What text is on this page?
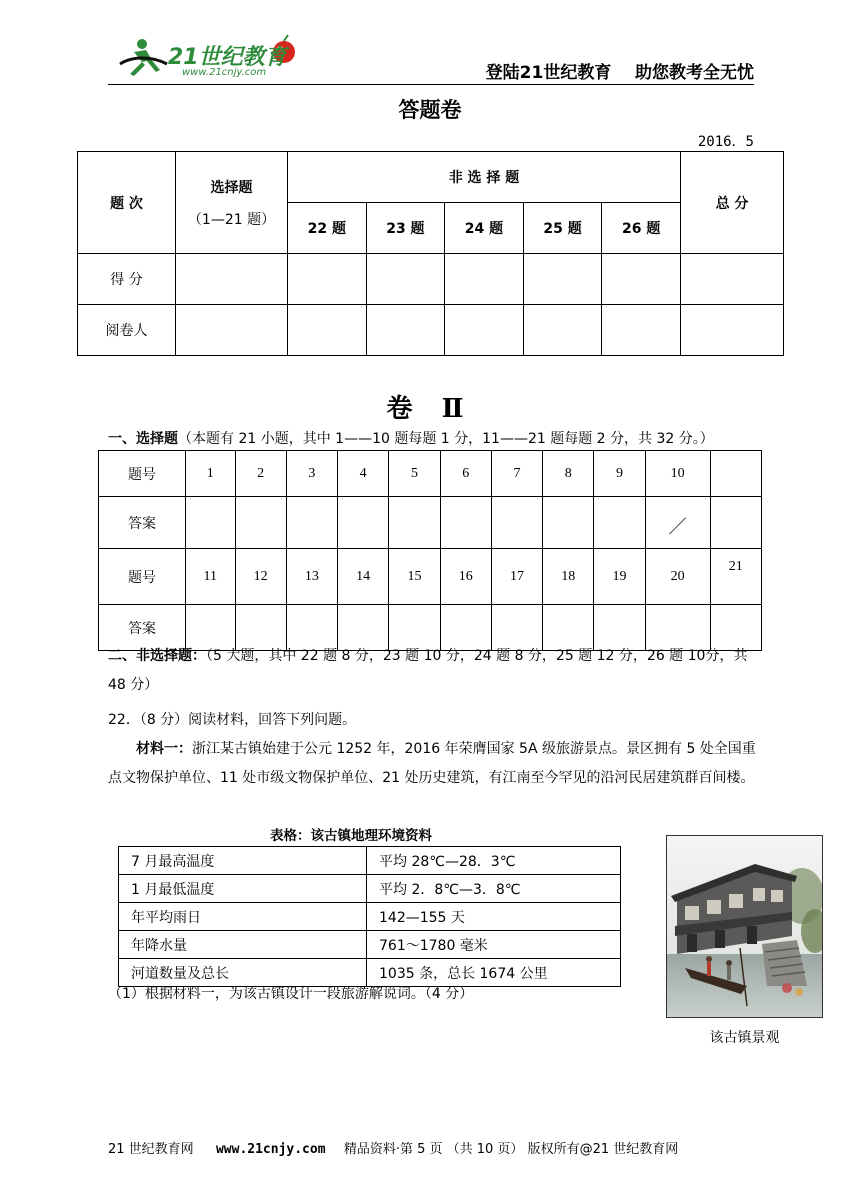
21世纪教育
www.21cnjy.com	登陆21世纪教育    助您教考全无忧
答题卷
2016．5
题 次	选择题
（1—21 题）	非 选 择 题					总 分
		22 题	23 题	24 题	25 题	26 题	
得 分							
阅卷人							
卷 Ⅱ
一、选择题（本题有 21 小题，其中 1——10 题每题 1 分，11——21 题每题 2 分，共 32 分。）
题号	1	2	3	4	5	6	7	8	9	10	
答案										／	
题号	11	12	13	14	15	16	17	18	19	20	21
答案											
二、非选择题：（5 大题，其中 22 题 8 分，23 题 10 分，24 题 8 分，25 题 12 分，26 题 10分，共 48 分）
22．（8 分）阅读材料，回答下列问题。
材料一：浙江某古镇始建于公元 1252 年，2016 年荣膺国家 5A 级旅游景点。景区拥有 5 处全国重点文物保护单位、11 处市级文物保护单位、21 处历史建筑，有江南至今罕见的沿河民居建筑群百间楼。
表格：该古镇地理环境资料
7 月最高温度	平均 28℃—28．3℃
1 月最低温度	平均 2．8℃—3．8℃
年平均雨日	142—155 天
年降水量	761～1780 毫米
河道数量及总长	1035 条，总长 1674 公里
（1）根据材料一，为该古镇设计一段旅游解说词。（4 分）
该古镇景观
21 世纪教育网 www.21cnjy.com 精品资料·第 5 页 （共 10 页） 版权所有@21 世纪教育网
